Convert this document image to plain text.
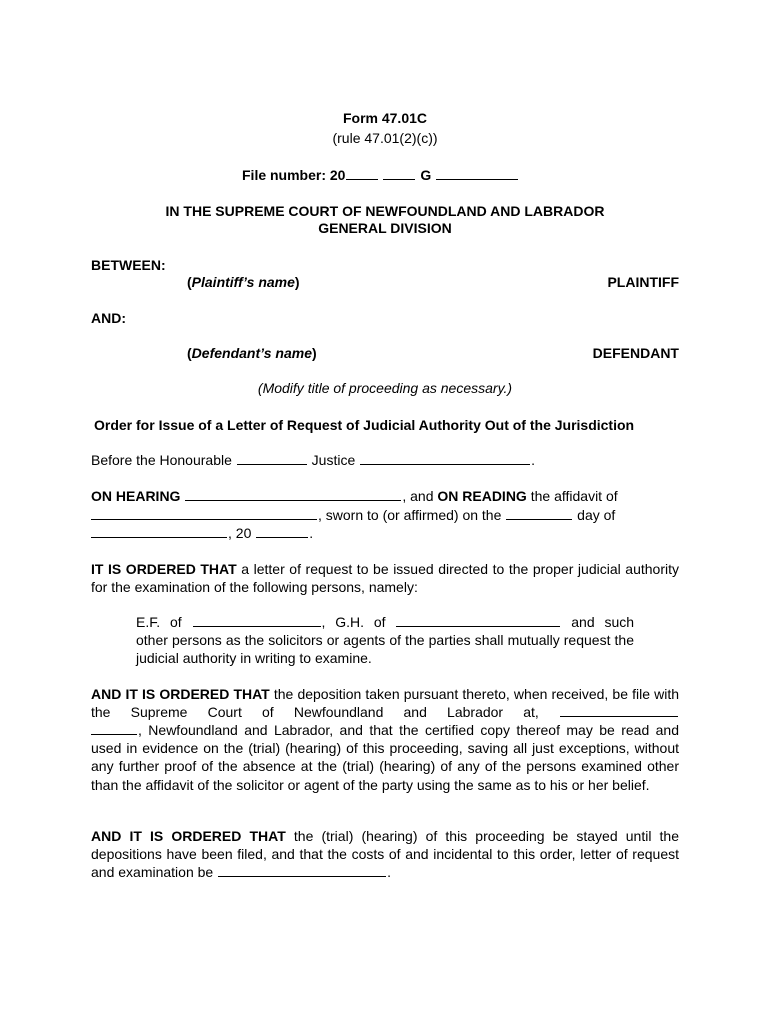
Form 47.01C
(rule 47.01(2)(c))
File number: 20	G
IN THE SUPREME COURT OF NEWFOUNDLAND AND LABRADOR
GENERAL DIVISION
BETWEEN:
(Plaintiff’s name)	PLAINTIFF
AND:
(Defendant’s name)	DEFENDANT
(Modify title of proceeding as necessary.)
Order for Issue of a Letter of Request of Judicial Authority Out of the Jurisdiction
Before the Honourable	Justice	.
ON HEARING	, and ON READING the affidavit of
, sworn to (or affirmed) on the	day of
, 20	.
IT IS ORDERED THAT a letter of request to be issued directed to the proper judicial authority for the examination of the following persons, namely:
E.F. of	, G.H. of	and such
other persons as the solicitors or agents of the parties shall mutually request the judicial authority in writing to examine.
AND IT IS ORDERED THAT the deposition taken pursuant thereto, when received, be file with the Supreme Court of Newfoundland and Labrador at,
, Newfoundland and Labrador, and that the certified copy thereof may be read and used in evidence on the (trial) (hearing) of this proceeding, saving all just exceptions, without any further proof of the absence at the (trial) (hearing) of any of the persons examined other than the affidavit of the solicitor or agent of the party using the same as to his or her belief.
AND IT IS ORDERED THAT the (trial) (hearing) of this proceeding be stayed until the depositions have been filed, and that the costs of and incidental to this order, letter of request and examination be	.
